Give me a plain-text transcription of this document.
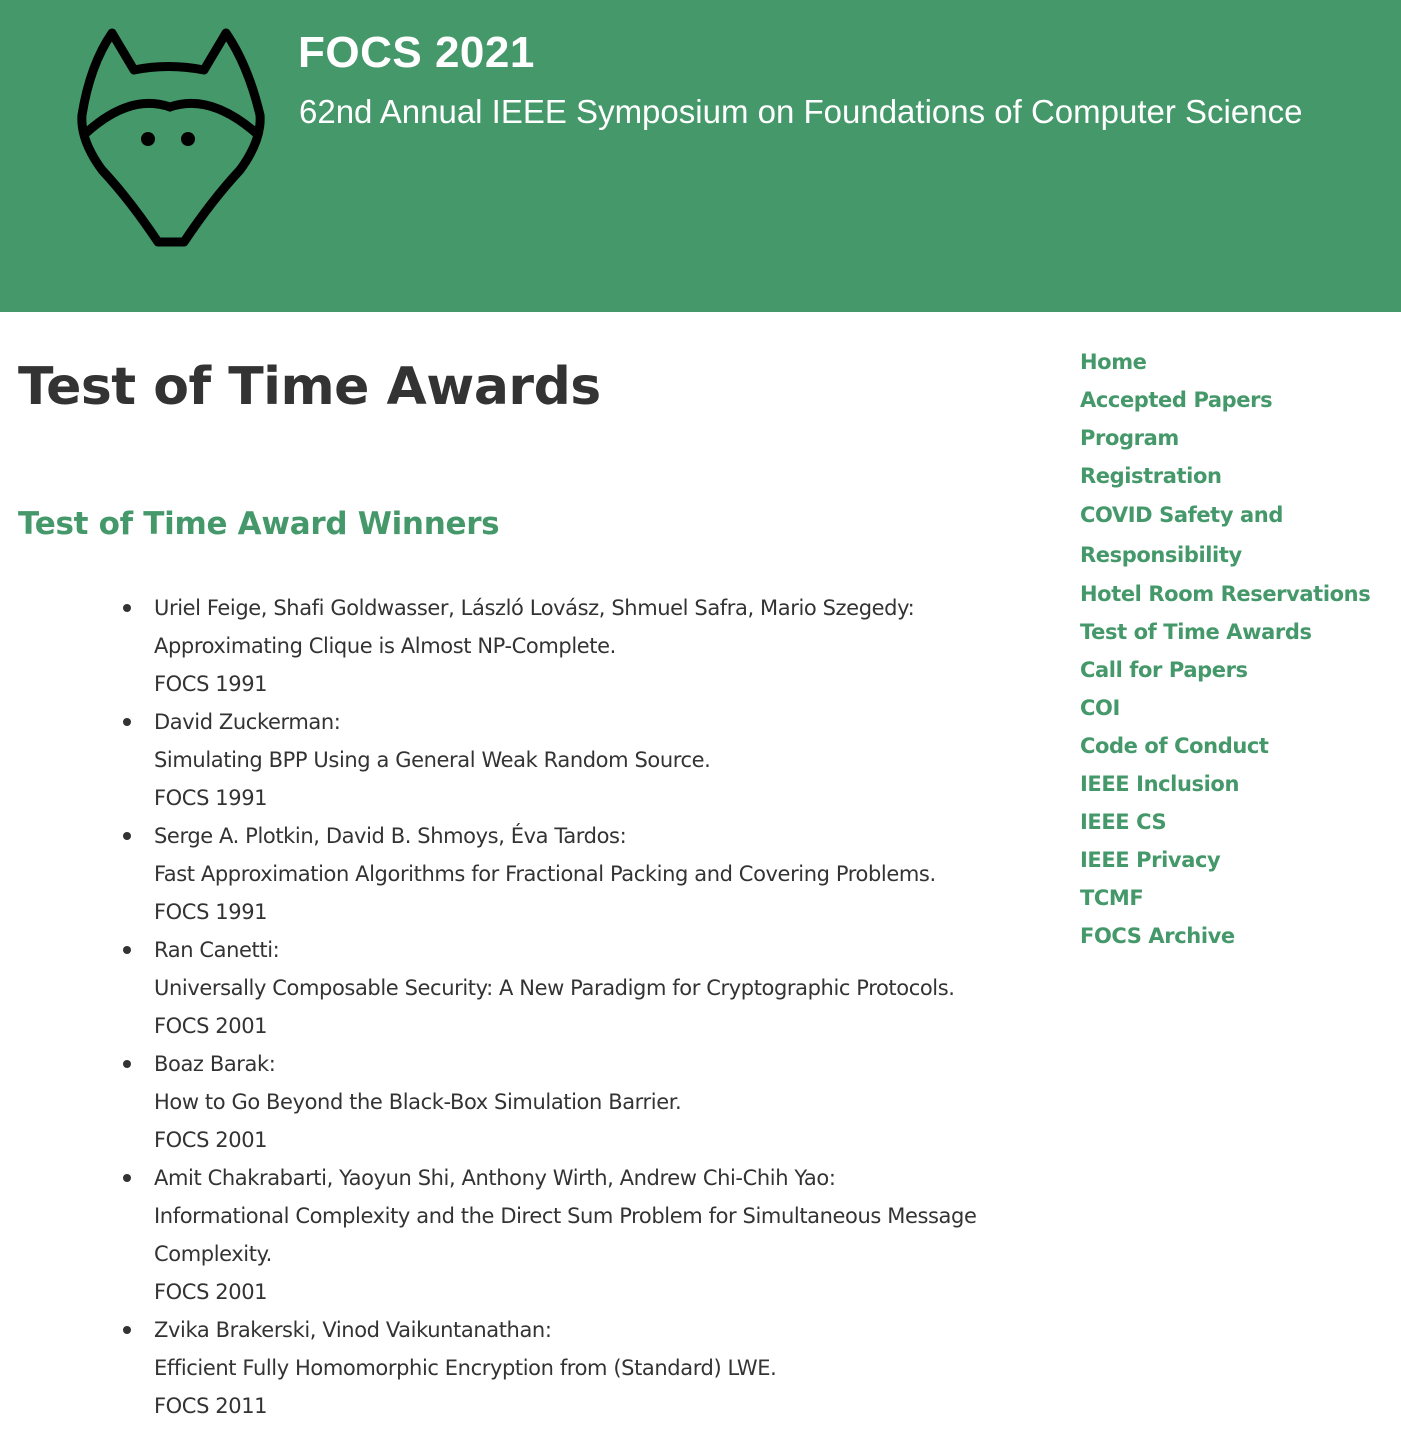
FOCS 2021

62nd Annual IEEE Symposium on Foundations of Computer Science

Test of Time Awards
Test of Time Award Winners
Uriel Feige, Shafi Goldwasser, László Lovász, Shmuel Safra, Mario Szegedy:
Approximating Clique is Almost NP-Complete.
FOCS 1991
David Zuckerman:
Simulating BPP Using a General Weak Random Source.
FOCS 1991
Serge A. Plotkin, David B. Shmoys, Éva Tardos:
Fast Approximation Algorithms for Fractional Packing and Covering Problems.
FOCS 1991
Ran Canetti:
Universally Composable Security: A New Paradigm for Cryptographic Protocols.
FOCS 2001
Boaz Barak:
How to Go Beyond the Black-Box Simulation Barrier.
FOCS 2001
Amit Chakrabarti, Yaoyun Shi, Anthony Wirth, Andrew Chi-Chih Yao:
Informational Complexity and the Direct Sum Problem for Simultaneous Message Complexity.
FOCS 2001
Zvika Brakerski, Vinod Vaikuntanathan:
Efficient Fully Homomorphic Encryption from (Standard) LWE.
FOCS 2011
Home
Accepted Papers
Program
Registration
COVID Safety and Responsibility
Hotel Room Reservations
Test of Time Awards
Call for Papers
COI
Code of Conduct
IEEE Inclusion
IEEE CS
IEEE Privacy
TCMF
FOCS Archive
